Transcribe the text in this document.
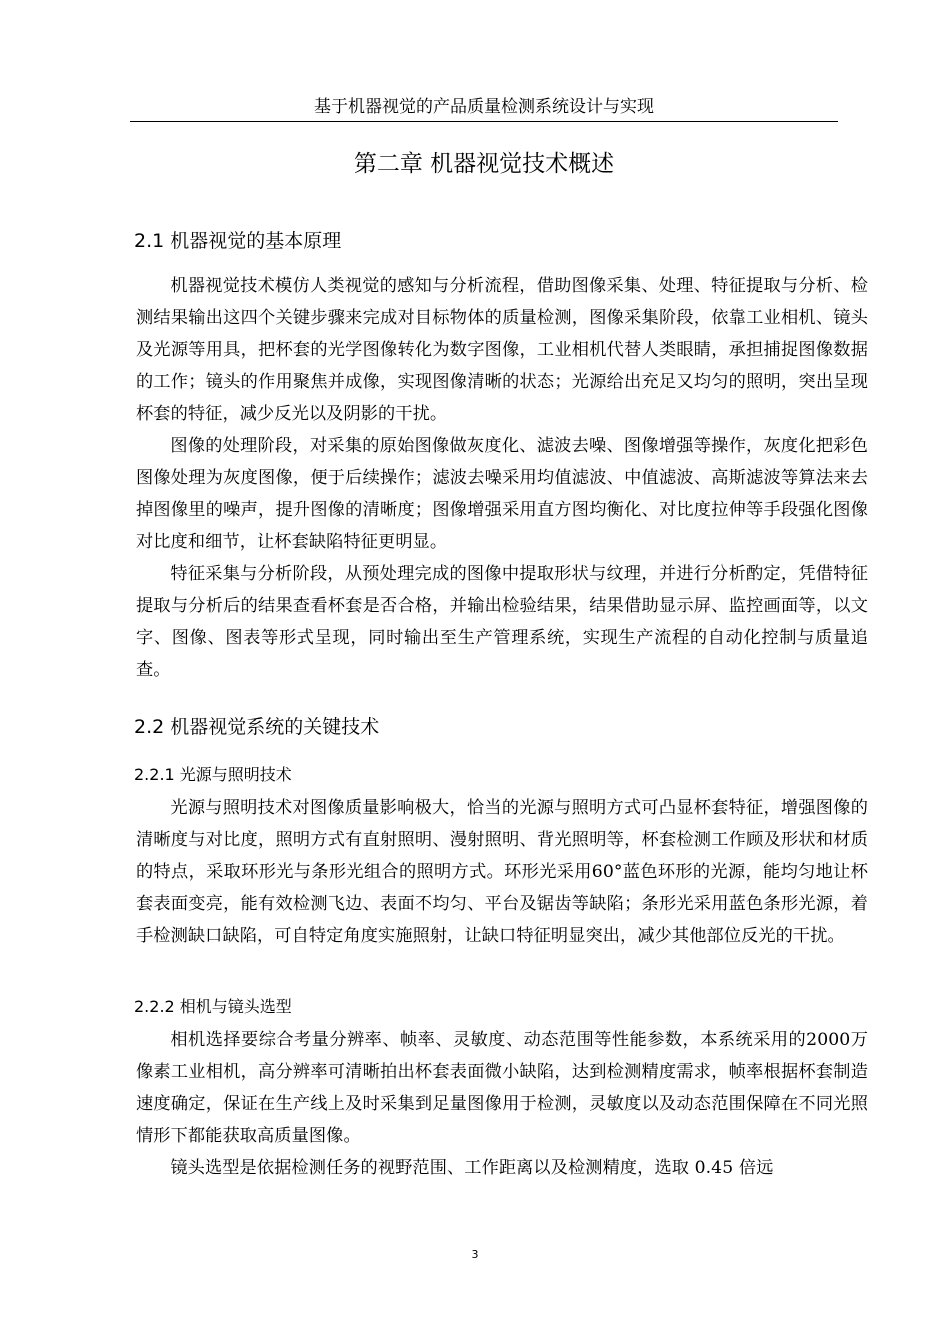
基于机器视觉的产品质量检测系统设计与实现
第二章 机器视觉技术概述
2.1 机器视觉的基本原理
机器视觉技术模仿人类视觉的感知与分析流程，借助图像采集、处理、特征提取与分析、检测结果输出这四个关键步骤来完成对目标物体的质量检测，图像采集阶段，依靠工业相机、镜头及光源等用具，把杯套的光学图像转化为数字图像，工业相机代替人类眼睛，承担捕捉图像数据的工作；镜头的作用聚焦并成像，实现图像清晰的状态；光源给出充足又均匀的照明，突出呈现杯套的特征，减少反光以及阴影的干扰。
图像的处理阶段，对采集的原始图像做灰度化、滤波去噪、图像增强等操作，灰度化把彩色图像处理为灰度图像，便于后续操作；滤波去噪采用均值滤波、中值滤波、高斯滤波等算法来去掉图像里的噪声，提升图像的清晰度；图像增强采用直方图均衡化、对比度拉伸等手段强化图像对比度和细节，让杯套缺陷特征更明显。
特征采集与分析阶段，从预处理完成的图像中提取形状与纹理，并进行分析酌定，凭借特征提取与分析后的结果查看杯套是否合格，并输出检验结果，结果借助显示屏、监控画面等，以文字、图像、图表等形式呈现，同时输出至生产管理系统，实现生产流程的自动化控制与质量追查。
2.2 机器视觉系统的关键技术
2.2.1 光源与照明技术
光源与照明技术对图像质量影响极大，恰当的光源与照明方式可凸显杯套特征，增强图像的清晰度与对比度，照明方式有直射照明、漫射照明、背光照明等，杯套检测工作顾及形状和材质的特点，采取环形光与条形光组合的照明方式。环形光采用60°蓝色环形的光源，能均匀地让杯套表面变亮，能有效检测飞边、表面不均匀、平台及锯齿等缺陷；条形光采用蓝色条形光源，着手检测缺口缺陷，可自特定角度实施照射，让缺口特征明显突出，减少其他部位反光的干扰。
2.2.2 相机与镜头选型
相机选择要综合考量分辨率、帧率、灵敏度、动态范围等性能参数，本系统采用的2000万像素工业相机，高分辨率可清晰拍出杯套表面微小缺陷，达到检测精度需求，帧率根据杯套制造速度确定，保证在生产线上及时采集到足量图像用于检测，灵敏度以及动态范围保障在不同光照情形下都能获取高质量图像。
镜头选型是依据检测任务的视野范围、工作距离以及检测精度，选取 0.45 倍远
3
